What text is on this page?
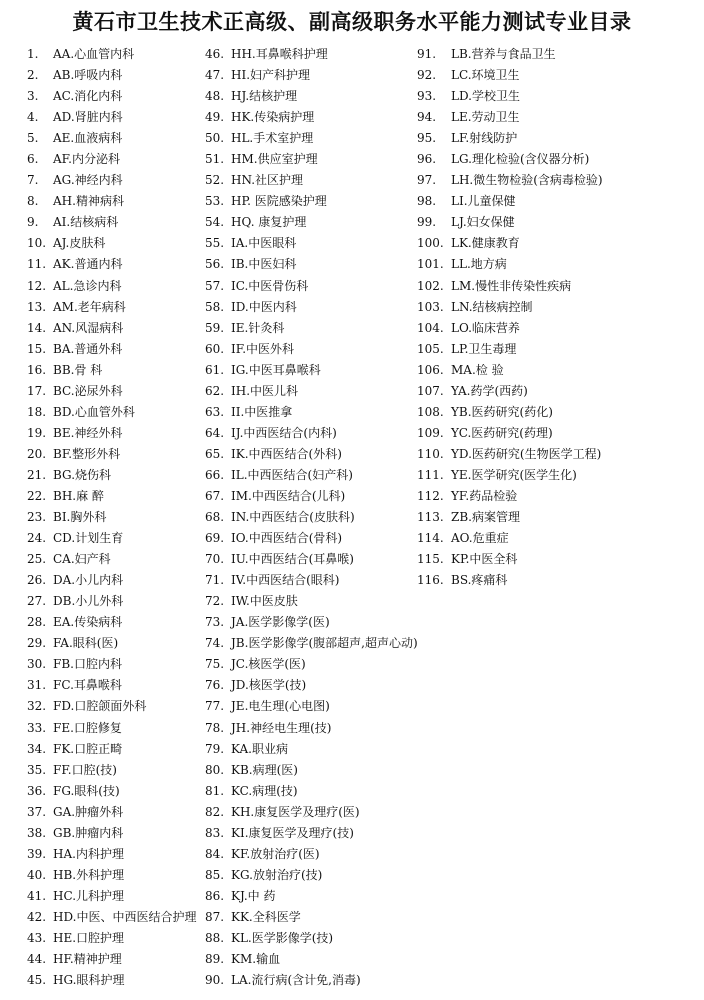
黄石市卫生技术正高级、副高级职务水平能力测试专业目录
1.	AA.心血管内科
2.	AB.呼吸内科
3.	AC.消化内科
4.	AD.肾脏内科
5.	AE.血液病科
6.	AF.内分泌科
7.	AG.神经内科
8.	AH.精神病科
9.	AI.结核病科
10. AJ.皮肤科
11. AK.普通内科
12. AL.急诊内科
13. AM.老年病科
14. AN.风湿病科
15. BA.普通外科
16. BB.骨 科
17. BC.泌尿外科
18. BD.心血管外科
19. BE.神经外科
20. BF.整形外科
21. BG.烧伤科
22. BH.麻 醉
23. BI.胸外科
24. CD.计划生育
25. CA.妇产科
26. DA.小儿内科
27. DB.小儿外科
28. EA.传染病科
29. FA.眼科(医)
30. FB.口腔内科
31. FC.耳鼻喉科
32. FD.口腔颌面外科
33. FE.口腔修复
34. FK.口腔正畸
35. FF.口腔(技)
36. FG.眼科(技)
37. GA.肿瘤外科
38. GB.肿瘤内科
39. HA.内科护理
40. HB.外科护理
41. HC.儿科护理
42. HD.中医、中西医结合护理
43. HE.口腔护理
44. HF.精神护理
45. HG.眼科护理
46. HH.耳鼻喉科护理
47. HI.妇产科护理
48. HJ.结核护理
49. HK.传染病护理
50. HL.手术室护理
51. HM.供应室护理
52. HN.社区护理
53. HP. 医院感染护理
54. HQ. 康复护理
55. IA.中医眼科
56. IB.中医妇科
57. IC.中医骨伤科
58. ID.中医内科
59. IE.针灸科
60. IF.中医外科
61. IG.中医耳鼻喉科
62. IH.中医儿科
63. II.中医推拿
64. IJ.中西医结合(内科)
65. IK.中西医结合(外科)
66. IL.中西医结合(妇产科)
67. IM.中西医结合(儿科)
68. IN.中西医结合(皮肤科)
69. IO.中西医结合(骨科)
70. IU.中西医结合(耳鼻喉)
71. IV.中西医结合(眼科)
72. IW.中医皮肤
73. JA.医学影像学(医)
74. JB.医学影像学(腹部超声,超声心动)
75. JC.核医学(医)
76. JD.核医学(技)
77. JE.电生理(心电图)
78. JH.神经电生理(技)
79. KA.职业病
80. KB.病理(医)
81. KC.病理(技)
82. KH.康复医学及理疗(医)
83. KI.康复医学及理疗(技)
84. KF.放射治疗(医)
85. KG.放射治疗(技)
86. KJ.中 药
87. KK.全科医学
88. KL.医学影像学(技)
89. KM.输血
90. LA.流行病(含计免,消毒)
91.	LB.营养与食品卫生
92.	LC.环境卫生
93.	LD.学校卫生
94.	LE.劳动卫生
95.	LF.射线防护
96.	LG.理化检验(含仪器分析)
97.	LH.微生物检验(含病毒检验)
98.	LI.儿童保健
99.	LJ.妇女保健
100. LK.健康教育
101. LL.地方病
102. LM.慢性非传染性疾病
103. LN.结核病控制
104. LO.临床营养
105. LP.卫生毒理
106. MA.检 验
107. YA.药学(西药)
108. YB.医药研究(药化)
109. YC.医药研究(药理)
110. YD.医药研究(生物医学工程)
111. YE.医学研究(医学生化)
112. YF.药品检验
113. ZB.病案管理
114. AO.危重症
115. KP.中医全科
116. BS.疼痛科
